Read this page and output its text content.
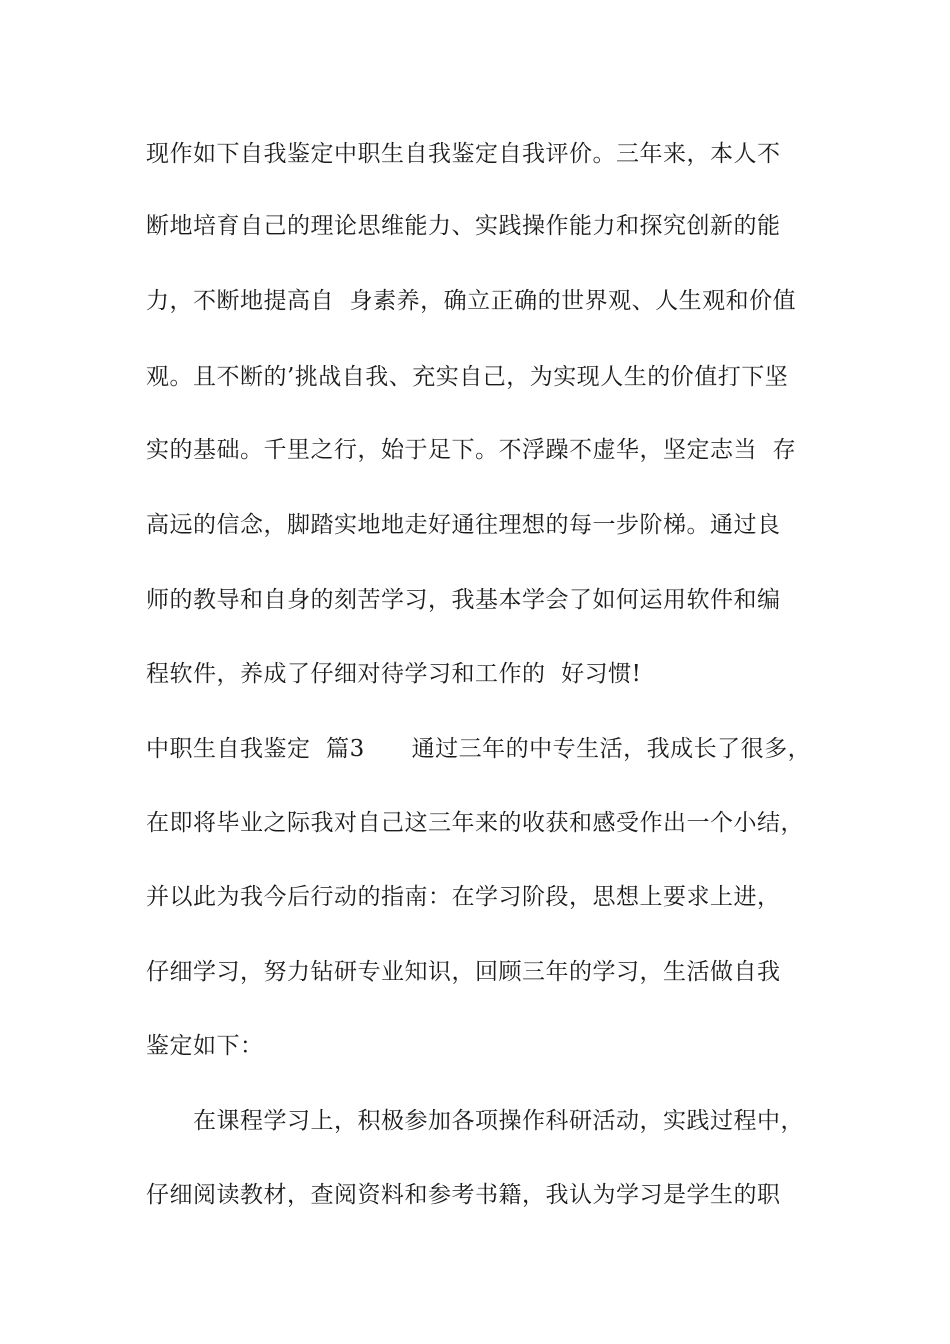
现作如下自我鉴定中职生自我鉴定自我评价。三年来，本人不

断地培育自己的理论思维能力、实践操作能力和探究创新的能

力，不断地提高自  身素养，确立正确的世界观、人生观和价值

观。且不断的’挑战自我、充实自己，为实现人生的价值打下坚

实的基础。千里之行，始于足下。不浮躁不虚华，坚定志当  存

高远的信念，脚踏实地地走好通往理想的每一步阶梯。通过良

师的教导和自身的刻苦学习，我基本学会了如何运用软件和编

程软件，养成了仔细对待学习和工作的  好习惯!

中职生自我鉴定  篇3      通过三年的中专生活，我成长了很多，

在即将毕业之际我对自己这三年来的收获和感受作出一个小结，

并以此为我今后行动的指南：在学习阶段，思想上要求上进，

仔细学习，努力钻研专业知识，回顾三年的学习，生活做自我

鉴定如下：

在课程学习上，积极参加各项操作科研活动，实践过程中，

仔细阅读教材，查阅资料和参考书籍，我认为学习是学生的职
